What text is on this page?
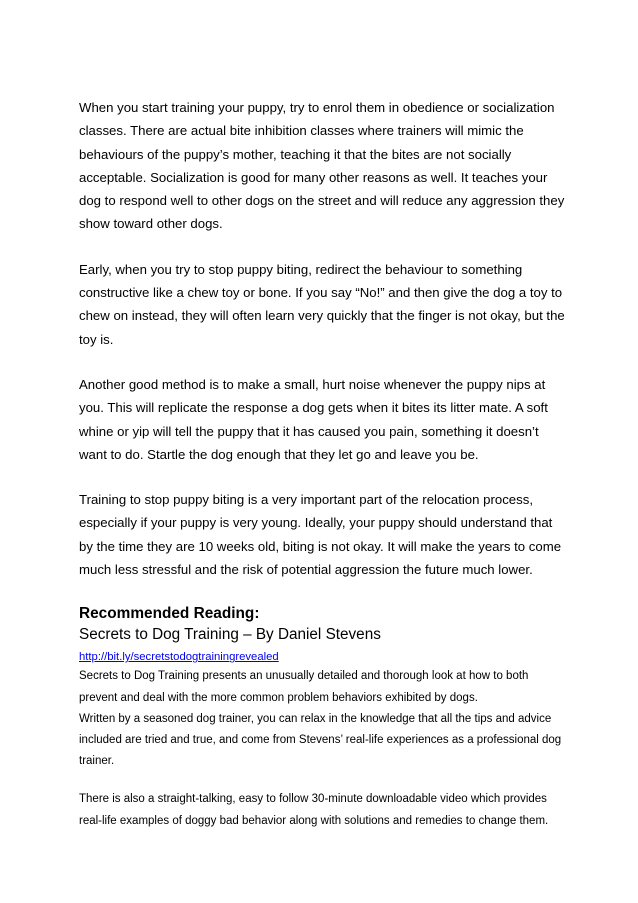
When you start training your puppy, try to enrol them in obedience or socialization classes. There are actual bite inhibition classes where trainers will mimic the behaviours of the puppy’s mother, teaching it that the bites are not socially acceptable. Socialization is good for many other reasons as well. It teaches your dog to respond well to other dogs on the street and will reduce any aggression they show toward other dogs.

Early, when you try to stop puppy biting, redirect the behaviour to something constructive like a chew toy or bone. If you say “No!” and then give the dog a toy to chew on instead, they will often learn very quickly that the finger is not okay, but the toy is.

Another good method is to make a small, hurt noise whenever the puppy nips at you. This will replicate the response a dog gets when it bites its litter mate. A soft whine or yip will tell the puppy that it has caused you pain, something it doesn’t want to do. Startle the dog enough that they let go and leave you be.

Training to stop puppy biting is a very important part of the relocation process, especially if your puppy is very young. Ideally, your puppy should understand that by the time they are 10 weeks old, biting is not okay. It will make the years to come much less stressful and the risk of potential aggression the future much lower.

Recommended Reading:
Secrets to Dog Training – By Daniel Stevens
http://bit.ly/secretstodogtrainingrevealed

Secrets to Dog Training presents an unusually detailed and thorough look at how to both prevent and deal with the more common problem behaviors exhibited by dogs.

Written by a seasoned dog trainer, you can relax in the knowledge that all the tips and advice included are tried and true, and come from Stevens’ real-life experiences as a professional dog trainer.

There is also a straight-talking, easy to follow 30-minute downloadable video which provides real-life examples of doggy bad behavior along with solutions and remedies to change them.
